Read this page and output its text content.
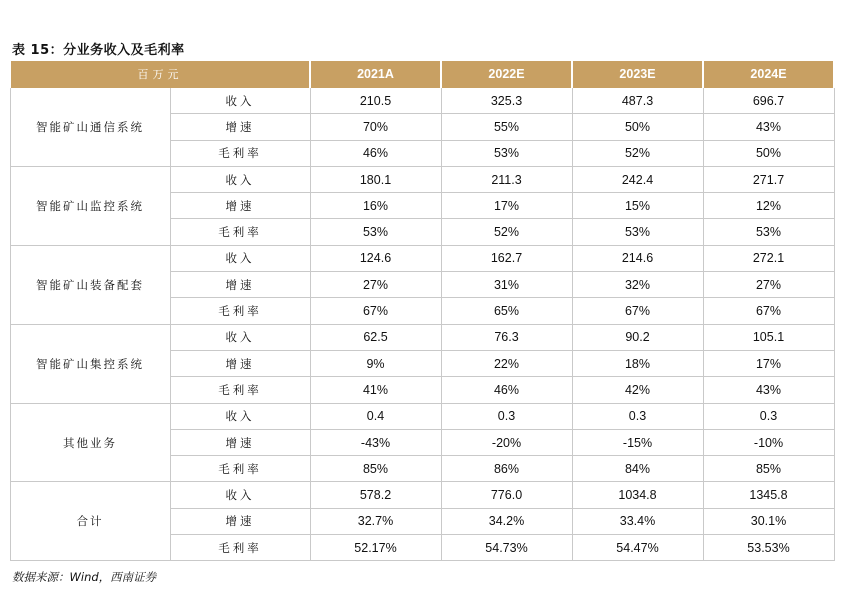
表 15：分业务收入及毛利率
百万元		2021A	2022E	2023E	2024E
智能矿山通信系统	收入	210.5	325.3	487.3	696.7
	增速	70%	55%	50%	43%
	毛利率	46%	53%	52%	50%
智能矿山监控系统	收入	180.1	211.3	242.4	271.7
	增速	16%	17%	15%	12%
	毛利率	53%	52%	53%	53%
智能矿山装备配套	收入	124.6	162.7	214.6	272.1
	增速	27%	31%	32%	27%
	毛利率	67%	65%	67%	67%
智能矿山集控系统	收入	62.5	76.3	90.2	105.1
	增速	9%	22%	18%	17%
	毛利率	41%	46%	42%	43%
其他业务	收入	0.4	0.3	0.3	0.3
	增速	-43%	-20%	-15%	-10%
	毛利率	85%	86%	84%	85%
合计	收入	578.2	776.0	1034.8	1345.8
	增速	32.7%	34.2%	33.4%	30.1%
	毛利率	52.17%	54.73%	54.47%	53.53%
数据来源：Wind，西南证券
